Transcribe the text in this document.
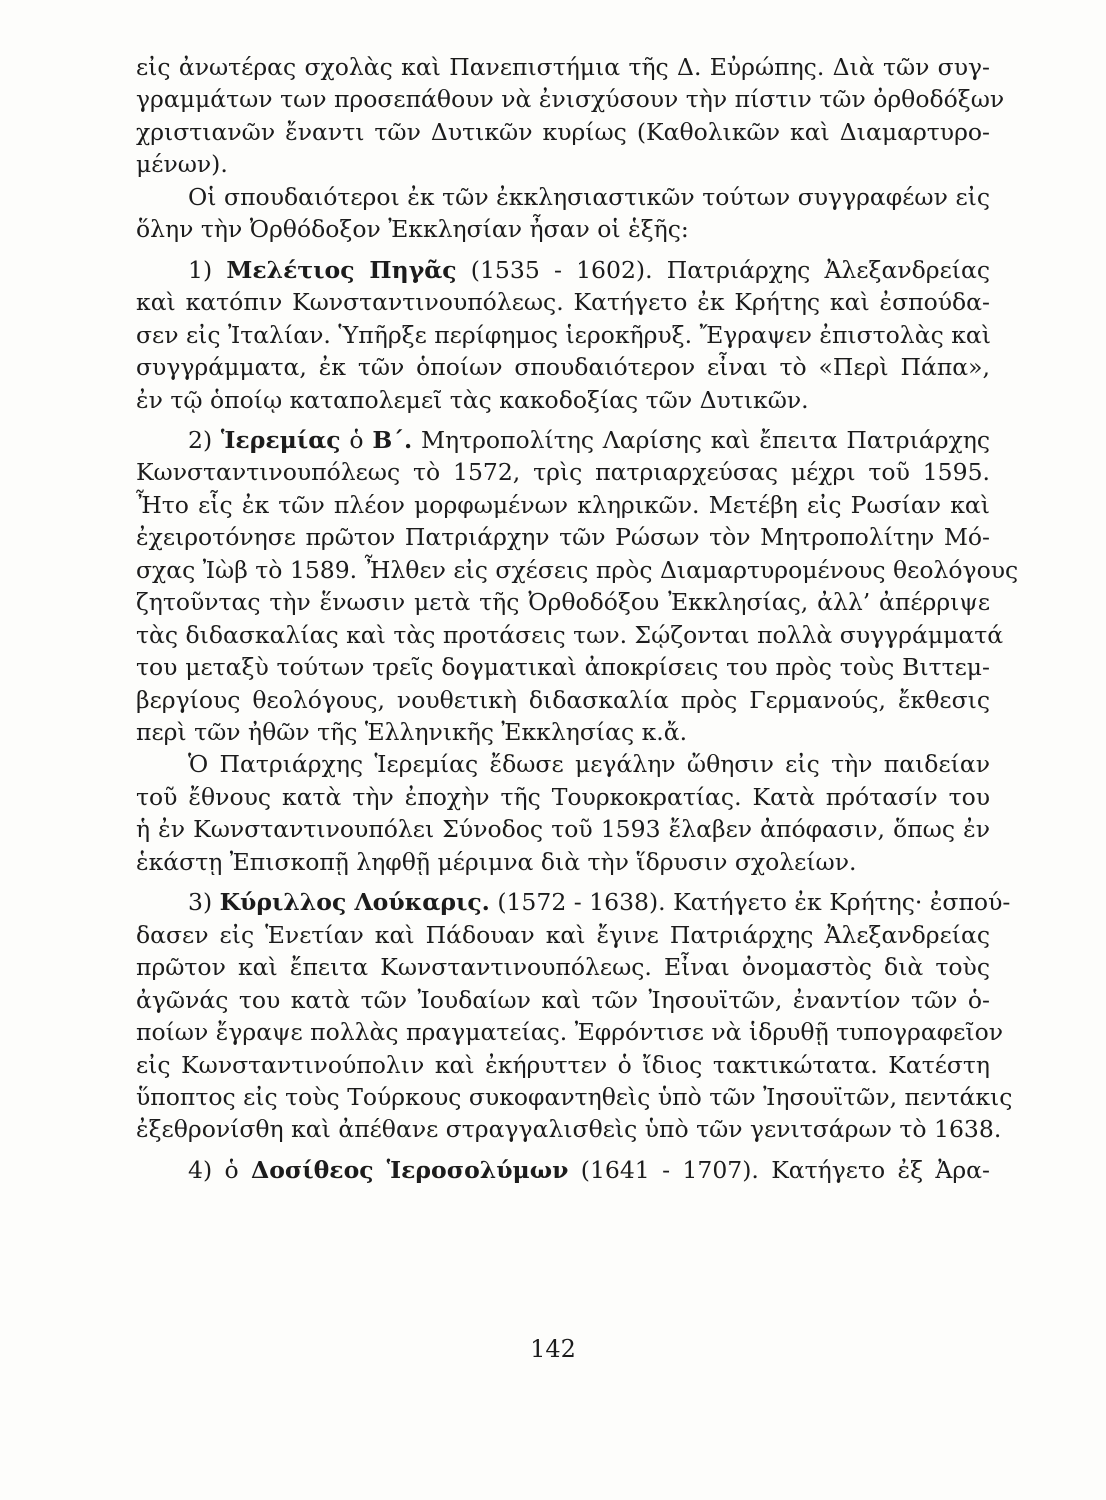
εἰς ἀνωτέρας σχολὰς καὶ Πανεπιστήμια τῆς Δ. Εὐρώπης. Διὰ τῶν συγ-
γραμμάτων των προσεπάθουν νὰ ἐνισχύσουν τὴν πίστιν τῶν ὀρθοδόξων
χριστιανῶν ἔναντι τῶν Δυτικῶν κυρίως (Καθολικῶν καὶ Διαμαρτυρο-
μένων).
Οἱ σπουδαιότεροι ἐκ τῶν ἐκκλησιαστικῶν τούτων συγγραφέων εἰς
ὅλην τὴν Ὀρθόδοξον Ἐκκλησίαν ἦσαν οἱ ἑξῆς:
1) Μελέτιος Πηγᾶς (1535 - 1602). Πατριάρχης Ἀλεξανδρείας
καὶ κατόπιν Κωνσταντινουπόλεως. Κατήγετο ἐκ Κρήτης καὶ ἐσπούδα-
σεν εἰς Ἰταλίαν. Ὑπῆρξε περίφημος ἱεροκῆρυξ. Ἔγραψεν ἐπιστολὰς καὶ
συγγράμματα, ἐκ τῶν ὁποίων σπουδαιότερον εἶναι τὸ «Περὶ Πάπα»,
ἐν τῷ ὁποίῳ καταπολεμεῖ τὰς κακοδοξίας τῶν Δυτικῶν.
2) Ἱερεμίας ὁ Β΄. Μητροπολίτης Λαρίσης καὶ ἔπειτα Πατριάρχης
Κωνσταντινουπόλεως τὸ 1572, τρὶς πατριαρχεύσας μέχρι τοῦ 1595.
Ἦτο εἷς ἐκ τῶν πλέον μορφωμένων κληρικῶν. Μετέβη εἰς Ρωσίαν καὶ
ἐχειροτόνησε πρῶτον Πατριάρχην τῶν Ρώσων τὸν Μητροπολίτην Μό-
σχας Ἰὼβ τὸ 1589. Ἦλθεν εἰς σχέσεις πρὸς Διαμαρτυρομένους θεολόγους
ζητοῦντας τὴν ἕνωσιν μετὰ τῆς Ὀρθοδόξου Ἐκκλησίας, ἀλλ’ ἀπέρριψε
τὰς διδασκαλίας καὶ τὰς προτάσεις των. Σῴζονται πολλὰ συγγράμματά
του μεταξὺ τούτων τρεῖς δογματικαὶ ἀποκρίσεις του πρὸς τοὺς Βιττεμ-
βεργίους θεολόγους, νουθετικὴ διδασκαλία πρὸς Γερμανούς, ἔκθεσις
περὶ τῶν ἠθῶν τῆς Ἑλληνικῆς Ἐκκλησίας κ.ἄ.
Ὁ Πατριάρχης Ἱερεμίας ἔδωσε μεγάλην ὤθησιν εἰς τὴν παιδείαν
τοῦ ἔθνους κατὰ τὴν ἐποχὴν τῆς Τουρκοκρατίας. Κατὰ πρότασίν του
ἡ ἐν Κωνσταντινουπόλει Σύνοδος τοῦ 1593 ἔλαβεν ἀπόφασιν, ὅπως ἐν
ἑκάστῃ Ἐπισκοπῇ ληφθῇ μέριμνα διὰ τὴν ἵδρυσιν σχολείων.
3) Κύριλλος Λούκαρις. (1572 - 1638). Κατήγετο ἐκ Κρήτης· ἐσπού-
δασεν εἰς Ἑνετίαν καὶ Πάδουαν καὶ ἔγινε Πατριάρχης Ἀλεξανδρείας
πρῶτον καὶ ἔπειτα Κωνσταντινουπόλεως. Εἶναι ὀνομαστὸς διὰ τοὺς
ἀγῶνάς του κατὰ τῶν Ἰουδαίων καὶ τῶν Ἰησουϊτῶν, ἐναντίον τῶν ὁ-
ποίων ἔγραψε πολλὰς πραγματείας. Ἐφρόντισε νὰ ἱδρυθῇ τυπογραφεῖον
εἰς Κωνσταντινούπολιν καὶ ἐκήρυττεν ὁ ἴδιος τακτικώτατα. Κατέστη
ὕποπτος εἰς τοὺς Τούρκους συκοφαντηθεὶς ὑπὸ τῶν Ἰησουϊτῶν, πεντάκις
ἐξεθρονίσθη καὶ ἀπέθανε στραγγαλισθεὶς ὑπὸ τῶν γενιτσάρων τὸ 1638.
4) ὁ Δοσίθεος Ἱεροσολύμων (1641 - 1707). Κατήγετο ἐξ Ἀρα-
142
